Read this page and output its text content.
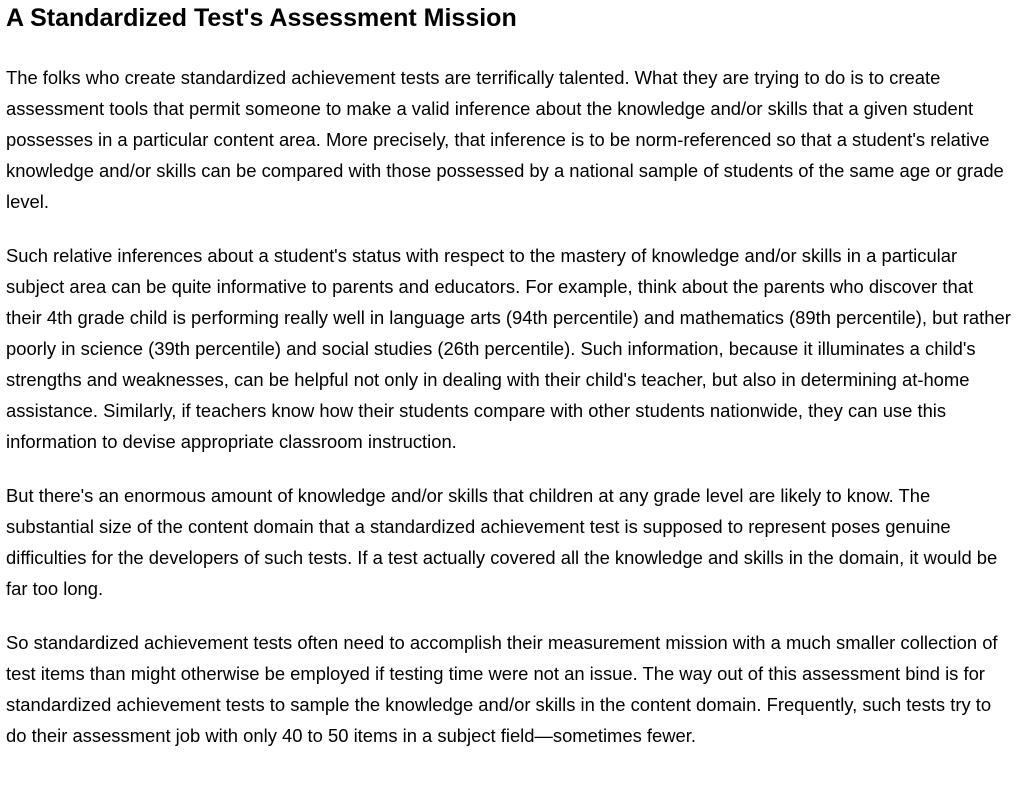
A Standardized Test's Assessment Mission

The folks who create standardized achievement tests are terrifically talented. What they are trying to do is to create assessment tools that permit someone to make a valid inference about the knowledge and/or skills that a given student possesses in a particular content area. More precisely, that inference is to be norm-referenced so that a student's relative knowledge and/or skills can be compared with those possessed by a national sample of students of the same age or grade level.

Such relative inferences about a student's status with respect to the mastery of knowledge and/or skills in a particular subject area can be quite informative to parents and educators. For example, think about the parents who discover that their 4th grade child is performing really well in language arts (94th percentile) and mathematics (89th percentile), but rather poorly in science (39th percentile) and social studies (26th percentile). Such information, because it illuminates a child's strengths and weaknesses, can be helpful not only in dealing with their child's teacher, but also in determining at-home assistance. Similarly, if teachers know how their students compare with other students nationwide, they can use this information to devise appropriate classroom instruction.

But there's an enormous amount of knowledge and/or skills that children at any grade level are likely to know. The substantial size of the content domain that a standardized achievement test is supposed to represent poses genuine difficulties for the developers of such tests. If a test actually covered all the knowledge and skills in the domain, it would be far too long.

So standardized achievement tests often need to accomplish their measurement mission with a much smaller collection of test items than might otherwise be employed if testing time were not an issue. The way out of this assessment bind is for standardized achievement tests to sample the knowledge and/or skills in the content domain. Frequently, such tests try to do their assessment job with only 40 to 50 items in a subject field—sometimes fewer.
